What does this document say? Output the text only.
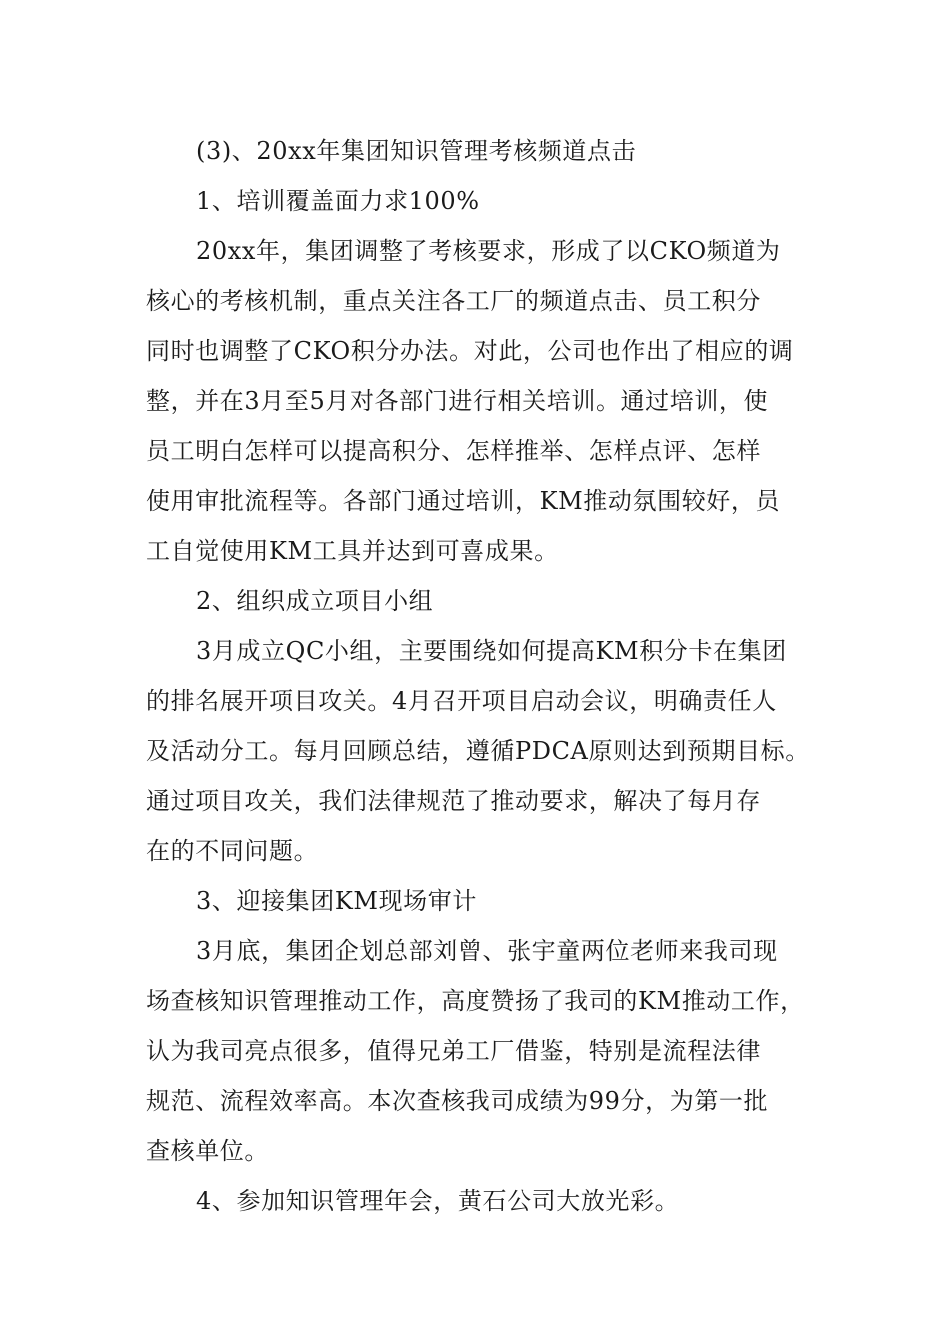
(3)、20xx年集团知识管理考核频道点击
1、培训覆盖面力求100%
20xx年，集团调整了考核要求，形成了以CKO频道为
核心的考核机制，重点关注各工厂的频道点击、员工积分
同时也调整了CKO积分办法。对此，公司也作出了相应的调
整，并在3月至5月对各部门进行相关培训。通过培训，使
员工明白怎样可以提高积分、怎样推举、怎样点评、怎样
使用审批流程等。各部门通过培训，KM推动氛围较好，员
工自觉使用KM工具并达到可喜成果。
2、组织成立项目小组
3月成立QC小组，主要围绕如何提高KM积分卡在集团
的排名展开项目攻关。4月召开项目启动会议，明确责任人
及活动分工。每月回顾总结，遵循PDCA原则达到预期目标。
通过项目攻关，我们法律规范了推动要求，解决了每月存
在的不同问题。
3、迎接集团KM现场审计
3月底，集团企划总部刘曾、张宇童两位老师来我司现
场查核知识管理推动工作，高度赞扬了我司的KM推动工作，
认为我司亮点很多，值得兄弟工厂借鉴，特别是流程法律
规范、流程效率高。本次查核我司成绩为99分，为第一批
查核单位。
4、参加知识管理年会，黄石公司大放光彩。
